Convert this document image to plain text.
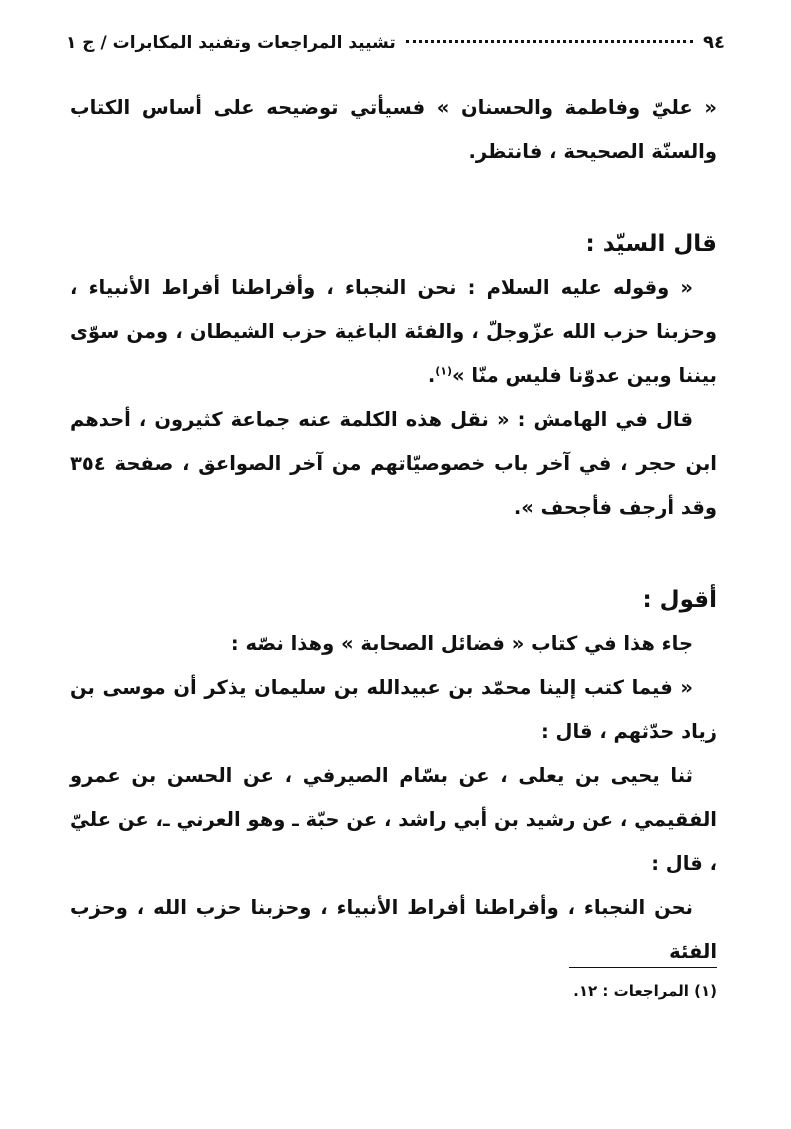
٩٤
تشييد المراجعات وتفنيد المكابرات / ج ١

« عليّ وفاطمة والحسنان » فسيأتي توضيحه على أساس الكتاب والسنّة الصحيحة ، فانتظر.

قال السيّد :

« وقوله عليه السلام : نحن النجباء ، وأفراطنا أفراط الأنبياء ، وحزبنا حزب الله عزّوجلّ ، والفئة الباغية حزب الشيطان ، ومن سوّى بيننا وبين عدوّنا فليس منّا »$^{(١)}$.

قال في الهامش : « نقل هذه الكلمة عنه جماعة كثيرون ، أحدهم ابن حجر ، في آخر باب خصوصيّاتهم من آخر الصواعق ، صفحة ٣٥٤ وقد أرجف فأجحف ».

أقول :

جاء هذا في كتاب « فضائل الصحابة » وهذا نصّه :

« فيما كتب إلينا محمّد بن عبيدالله بن سليمان يذكر أن موسى بن زياد حدّثهم ، قال :

ثنا يحيى بن يعلى ، عن بسّام الصيرفي ، عن الحسن بن عمرو الفقيمي ، عن رشيد بن أبي راشد ، عن حبّة ـ وهو العرني ـ، عن عليّ ، قال :

نحن النجباء ، وأفراطنا أفراط الأنبياء ، وحزبنا حزب الله ، وحزب الفئة

(١) المراجعات : ١٢.
